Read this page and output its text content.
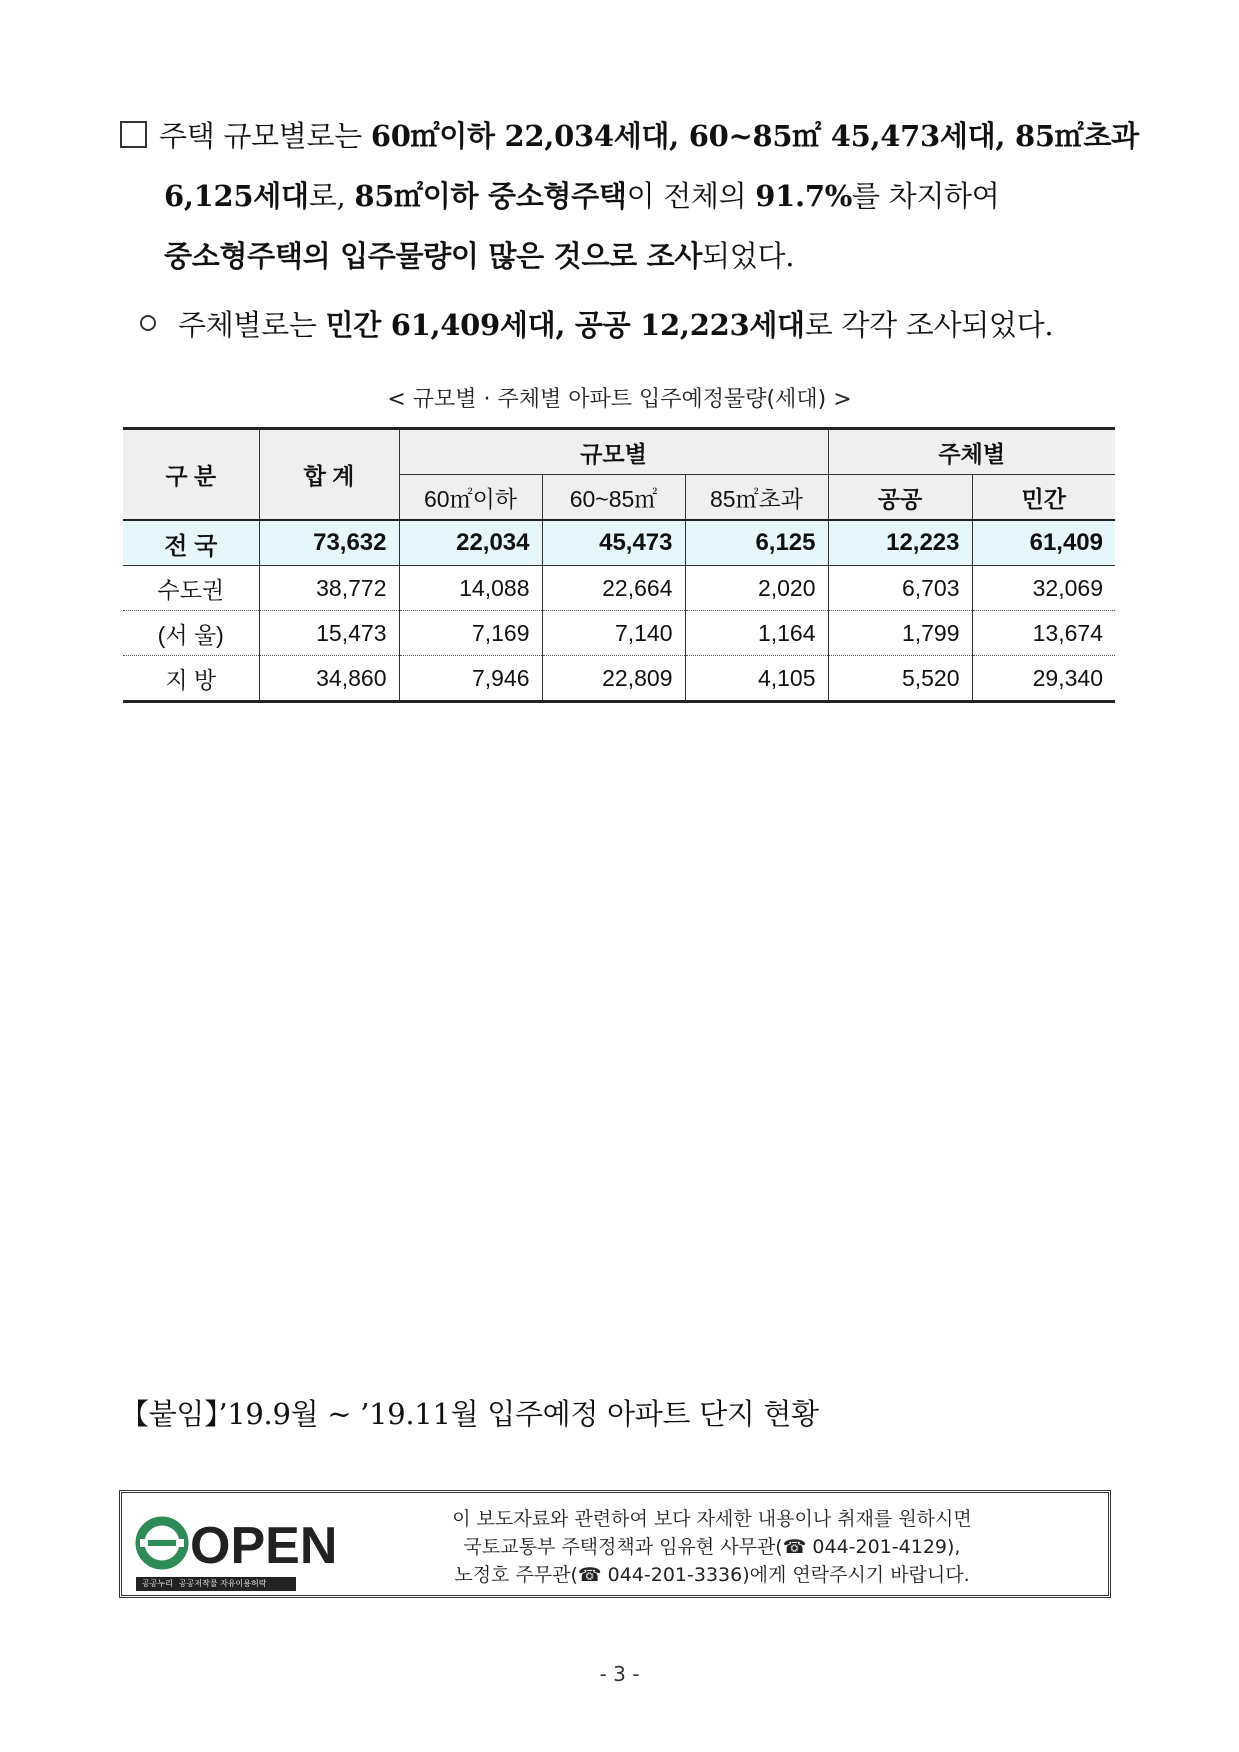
주택 규모별로는 60㎡이하 22,034세대, 60~85㎡ 45,473세대, 85㎡초과
6,125세대로, 85㎡이하 중소형주택이 전체의 91.7%를 차지하여
중소형주택의 입주물량이 많은 것으로 조사되었다.
주체별로는 민간 61,409세대, 공공 12,223세대로 각각 조사되었다.
< 규모별 · 주체별 아파트 입주예정물량(세대) >
구 분	합 계	규모별			주체별	
		60㎡이하	60~85㎡	85㎡초과	공공	민간
전 국	73,632	22,034	45,473	6,125	12,223	61,409
수도권	38,772	14,088	22,664	2,020	6,703	32,069
(서 울)	15,473	7,169	7,140	1,164	1,799	13,674
지 방	34,860	7,946	22,809	4,105	5,520	29,340
【붙임】’19.9월 ~ ’19.11월 입주예정 아파트 단지 현황
OPEN
공공누리 공공저작물 자유이용허락
이 보도자료와 관련하여 보다 자세한 내용이나 취재를 원하시면
국토교통부 주택정책과 임유현 사무관(☎ 044-201-4129),
노정호 주무관(☎ 044-201-3336)에게 연락주시기 바랍니다.
- 3 -
